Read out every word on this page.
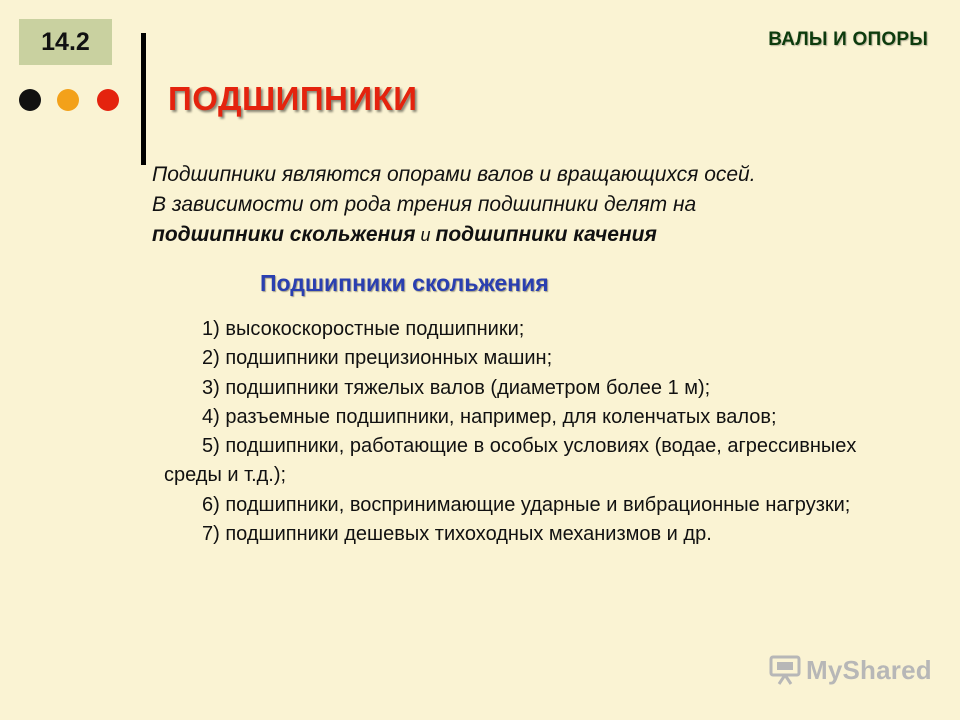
14.2	ВАЛЫ И ОПОРЫ
ПОДШИПНИКИ
Подшипники являются опорами валов и вращающихся осей.
В зависимости от рода трения подшипники делят на
подшипники скольжения и подшипники качения
Подшипники скольжения

1) высокоскоростные подшипники;

2) подшипники прецизионных машин;

3) подшипники тяжелых валов (диаметром более 1 м);

4) разъемные подшипники, например, для коленчатых валов;

5) подшипники, работающие в особых условиях (водае, агрессивныеx среды и т.д.);

6) подшипники, воспринимающие ударные и вибрационные нагрузки;

7) подшипники дешевых тихоходных механизмов и др.

MyShared
